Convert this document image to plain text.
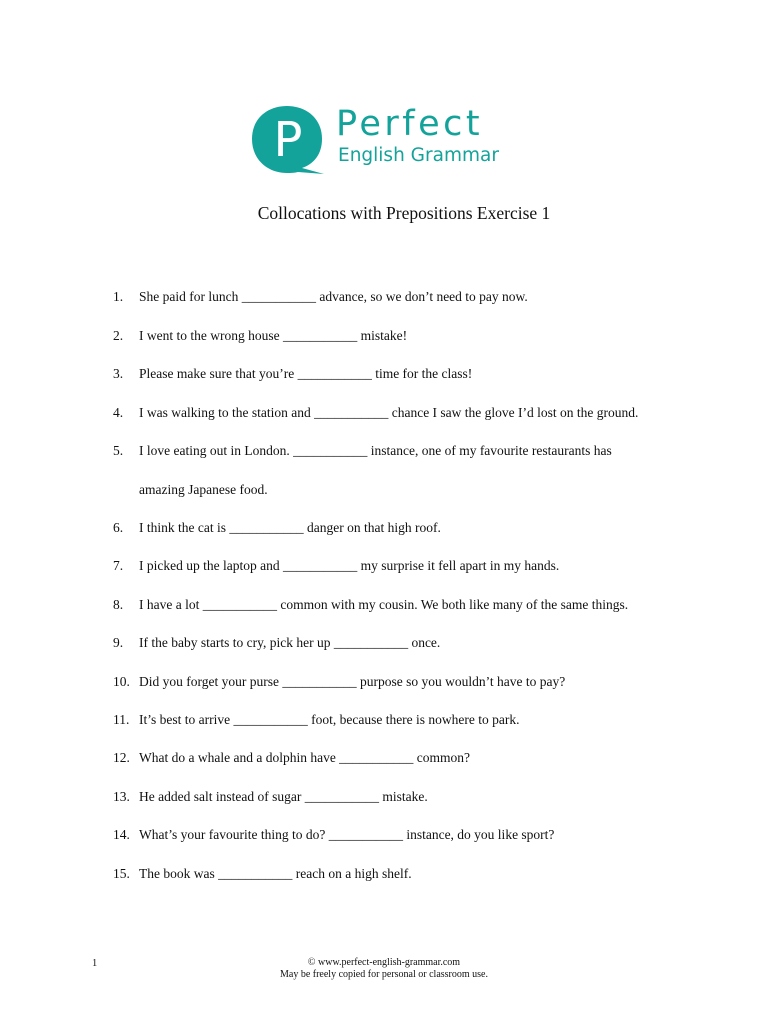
P Perfect
English Grammar
Collocations with Prepositions Exercise 1
1.	She paid for lunch ___________ advance, so we don’t need to pay now.
2.	I went to the wrong house ___________ mistake!
3.	Please make sure that you’re ___________ time for the class!
4.	I was walking to the station and ___________ chance I saw the glove I’d lost on the ground.
5.	I love eating out in London. ___________ instance, one of my favourite restaurants has
amazing Japanese food.
6.	I think the cat is ___________ danger on that high roof.
7.	I picked up the laptop and ___________ my surprise it fell apart in my hands.
8.	I have a lot ___________ common with my cousin. We both like many of the same things.
9.	If the baby starts to cry, pick her up ___________ once.
10. Did you forget your purse ___________ purpose so you wouldn’t have to pay?
11. It’s best to arrive ___________ foot, because there is nowhere to park.
12. What do a whale and a dolphin have ___________ common?
13. He added salt instead of sugar ___________ mistake.
14. What’s your favourite thing to do? ___________ instance, do you like sport?
15. The book was ___________ reach on a high shelf.
1	© www.perfect-english-grammar.com
May be freely copied for personal or classroom use.
